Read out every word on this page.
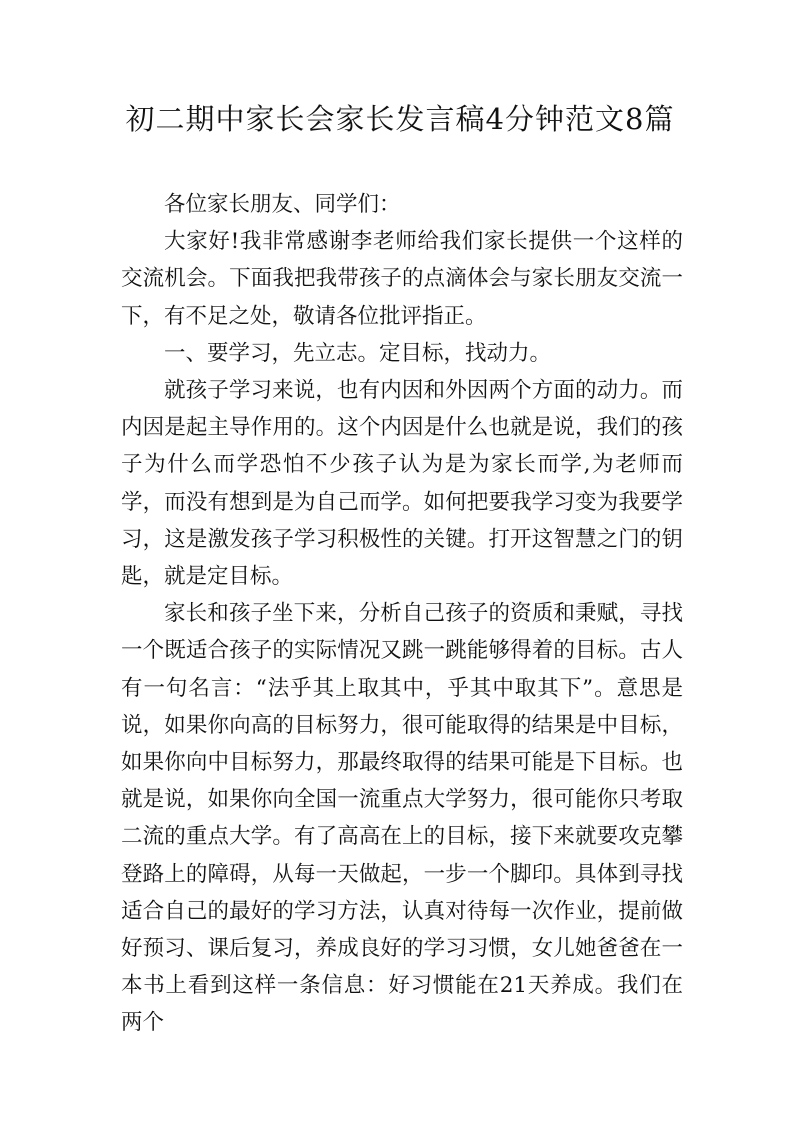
初二期中家长会家长发言稿4分钟范文8篇

各位家长朋友、同学们：

大家好!我非常感谢李老师给我们家长提供一个这样的交流机会。下面我把我带孩子的点滴体会与家长朋友交流一下，有不足之处，敬请各位批评指正。

一、要学习，先立志。定目标，找动力。

就孩子学习来说，也有内因和外因两个方面的动力。而内因是起主导作用的。这个内因是什么也就是说，我们的孩子为什么而学恐怕不少孩子认为是为家长而学,为老师而学，而没有想到是为自己而学。如何把要我学习变为我要学习，这是激发孩子学习积极性的关键。打开这智慧之门的钥匙，就是定目标。

家长和孩子坐下来，分析自己孩子的资质和秉赋，寻找一个既适合孩子的实际情况又跳一跳能够得着的目标。古人有一句名言：“法乎其上取其中，乎其中取其下”。意思是说，如果你向高的目标努力，很可能取得的结果是中目标，如果你向中目标努力，那最终取得的结果可能是下目标。也就是说，如果你向全国一流重点大学努力，很可能你只考取二流的重点大学。有了高高在上的目标，接下来就要攻克攀登路上的障碍，从每一天做起，一步一个脚印。具体到寻找适合自己的最好的学习方法，认真对待每一次作业，提前做好预习、课后复习，养成良好的学习习惯，女儿她爸爸在一本书上看到这样一条信息：好习惯能在21天养成。我们在两个
